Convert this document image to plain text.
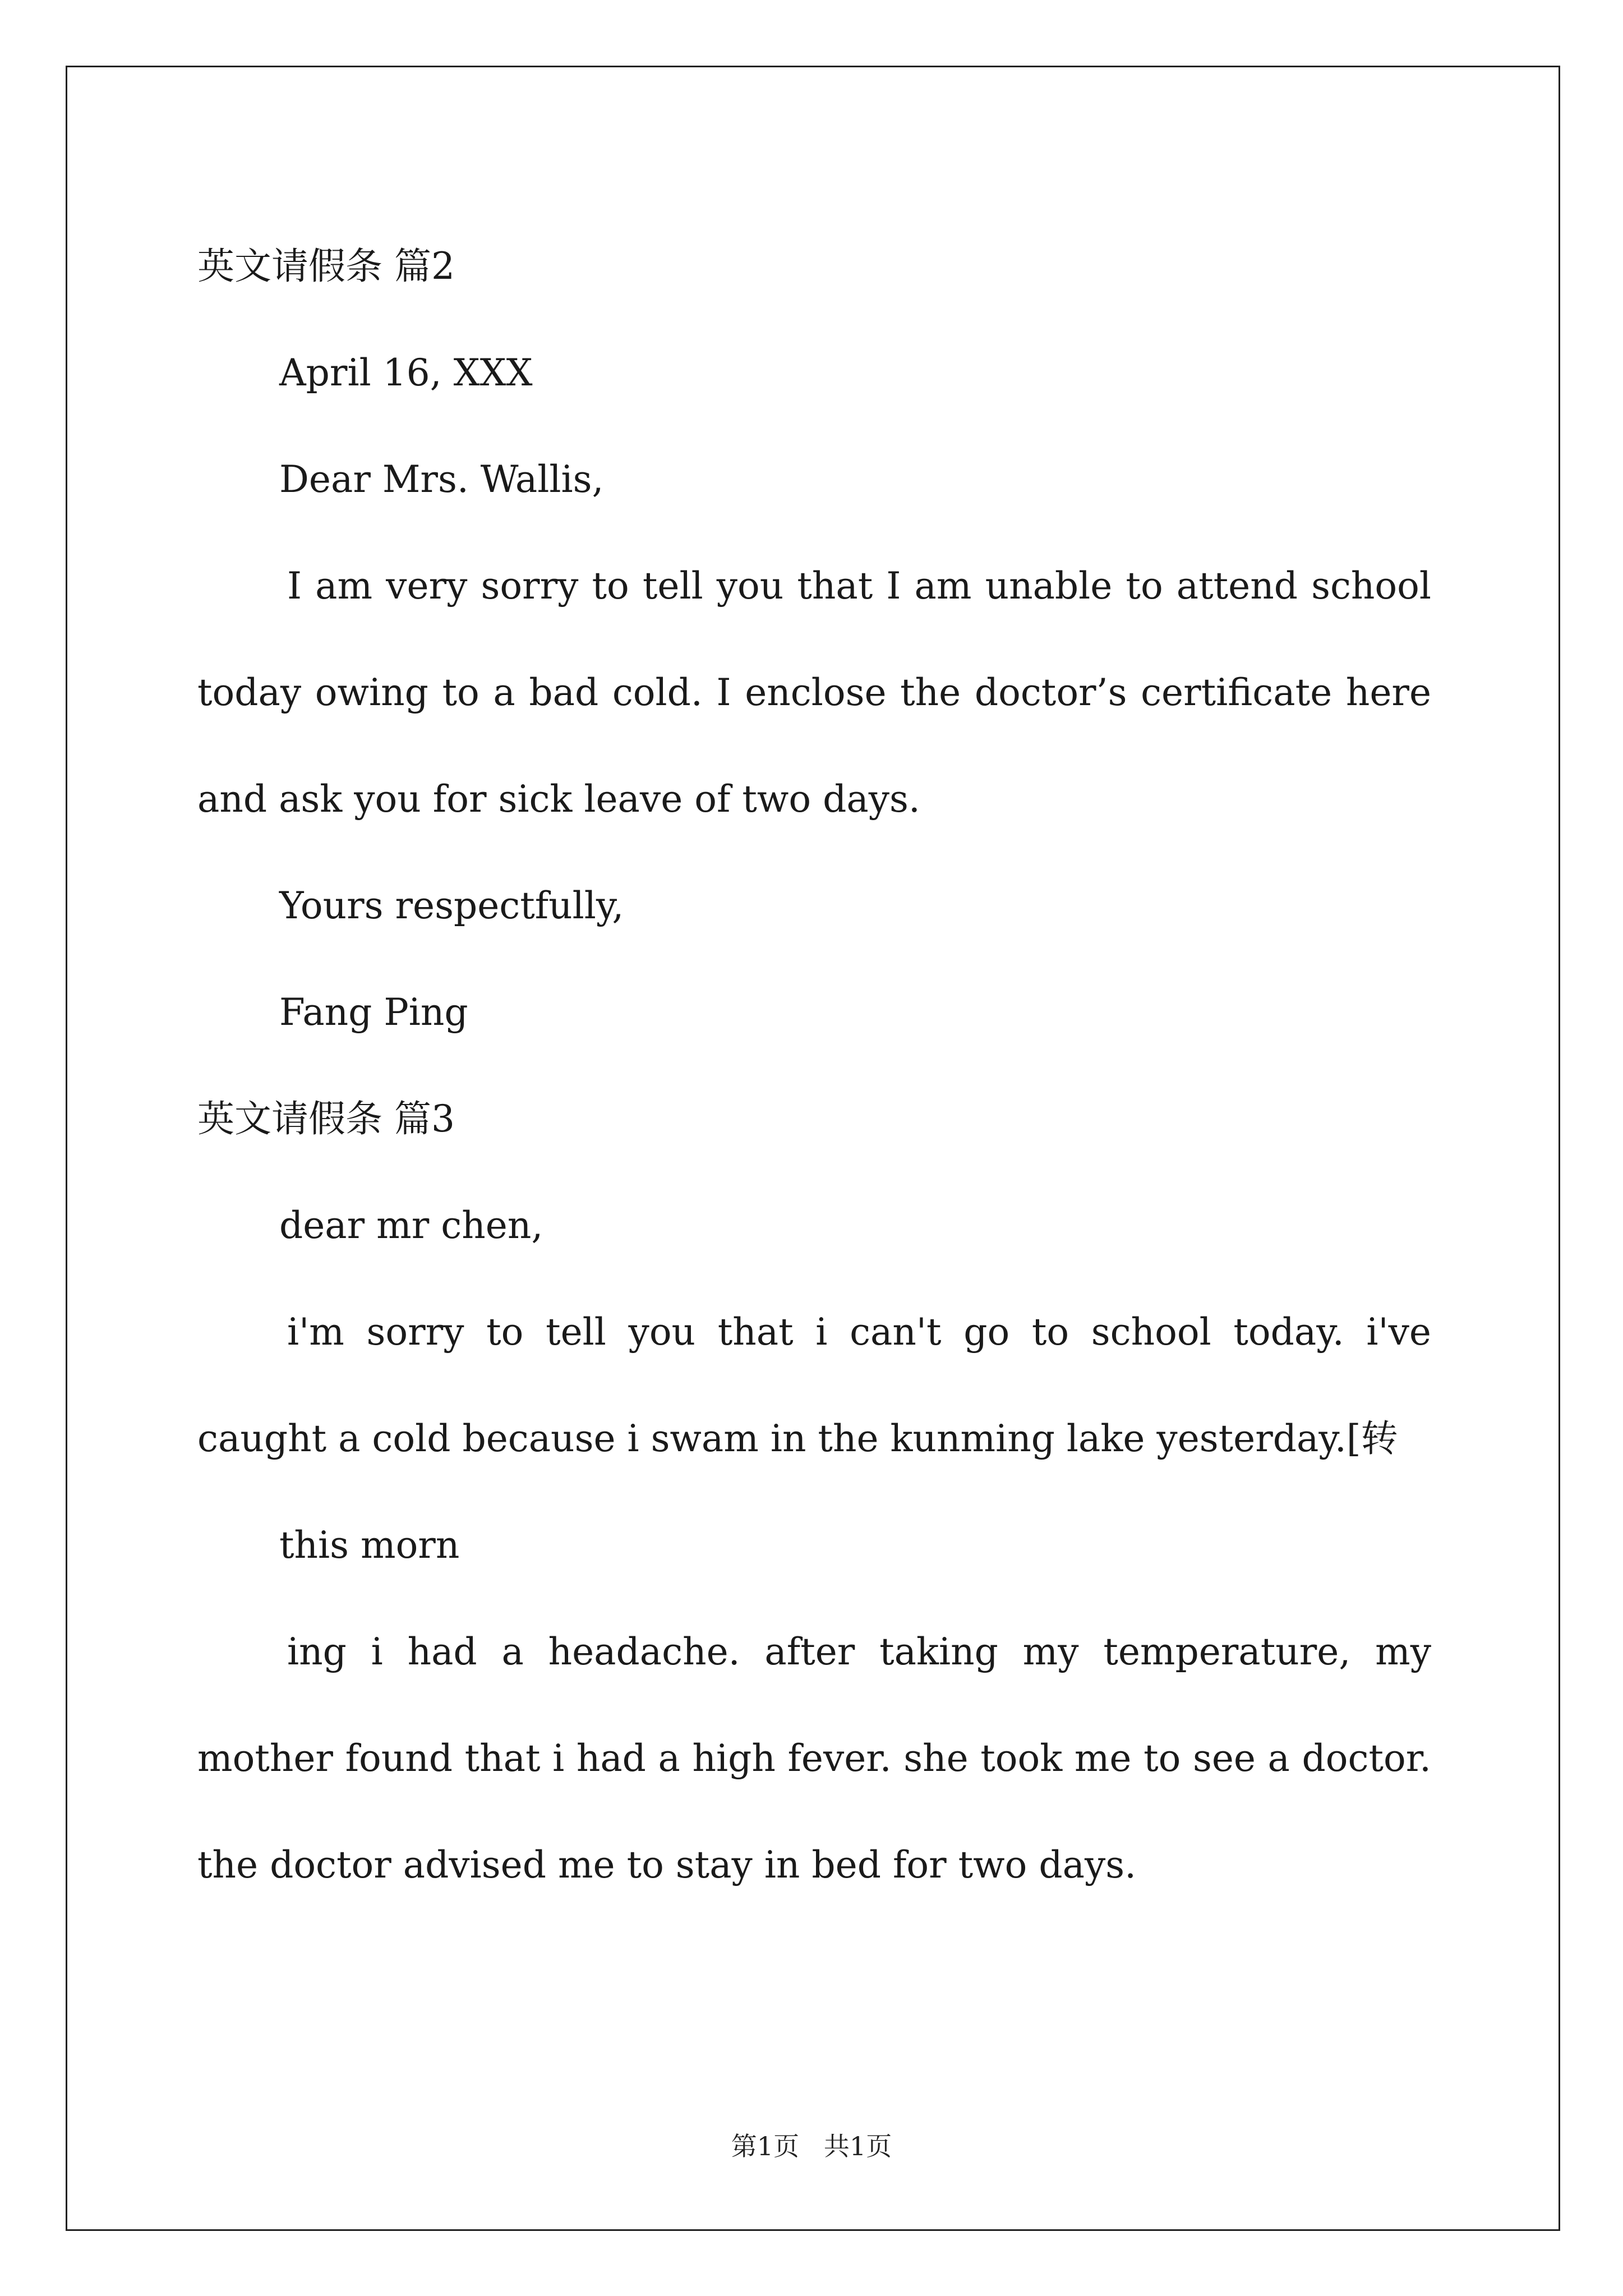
英文请假条 篇2
April 16, XXX
Dear Mrs. Wallis,
I am very sorry to tell you that I am unable to attend school today owing to a bad cold. I enclose the doctor’s certificate here and ask you for sick leave of two days.
Yours respectfully,
Fang Ping
英文请假条 篇3
dear mr chen,
i'm sorry to tell you that i can't go to school today. i've caught a cold because i swam in the kunming lake yesterday.[转
this morn
ing i had a headache. after taking my temperature, my mother found that i had a high fever. she took me to see a doctor. the doctor advised me to stay in bed for two days.
第1页   共1页
